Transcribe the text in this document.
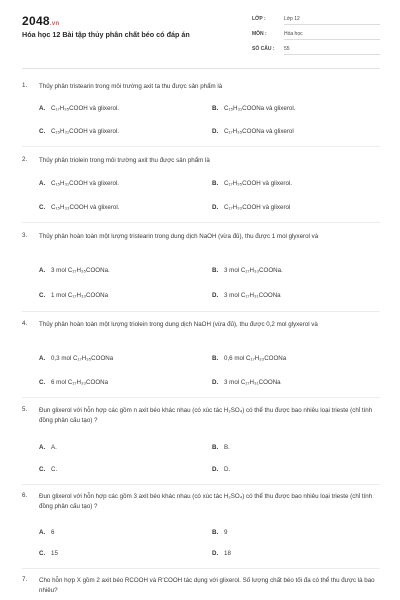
2048.vn
Hóa học 12 Bài tập thủy phân chất béo có đáp án
LỚP :	Lớp 12
MÔN :	Hóa học
SỐ CÂU : 55
1. Thủy phân tristearin trong môi trường axit ta thu được sản phẩm là
A. C₁₇H₃₅COOH và glixerol.	B. C₁₅H₃₁COONa và glixerol.
C. C₁₅H₃₁COOH và glixerol.	D. C₁₇H₃₅COONa và glixerol
2. Thủy phân triolein trong môi trường axit thu được sản phẩm là
A. C₁₅H₃₁COOH và glixerol.	B. C₁₇H₃₅COOH và glixerol.
C. C₁₅H₃₃COOH và glixerol.	D. C₁₇H₃₃COOH và glixerol
3. Thủy phân hoàn toàn một lượng tristearin trong dung dịch NaOH (vừa đủ), thu được 1 mol glyxerol và
A. 3 mol C₁₇H₃₅COONa.	B. 3 mol C₁₇H₃₃COONa.
C. 1 mol C₁₇H₃₃COONa	D. 3 mol C₁₇H₃₁COONa
4. Thủy phân hoàn toàn một lượng triolein trong dung dịch NaOH (vừa đủ), thu được 0,2 mol glyxerol và
A. 0,3 mol C₁₇H₃₅COONa	B. 0,6 mol C₁₇H₃₃COONa
C. 6 mol C₁₇H₃₃COONa	D. 3 mol C₁₇H₃₁COONa
5. Đun glixerol với hỗn hợp các gồm n axit béo khác nhau (có xúc tác H₂SO₄) có thể thu được bao nhiêu loại trieste (chỉ tính đồng phân cấu tạo) ?
A. A.	B. B.
C. C.	D. D.
6. Đun glixerol với hỗn hợp các gồm 3 axit béo khác nhau (có xúc tác H₂SO₄) có thể thu được bao nhiêu loại trieste (chỉ tính đồng phân cấu tạo) ?
A. 6	B. 9
C. 15	D. 18
7. Cho hỗn hợp X gồm 2 axit béo RCOOH và R'COOH tác dụng với glixerol. Số lượng chất béo tối đa có thể thu được là bao nhiêu?
